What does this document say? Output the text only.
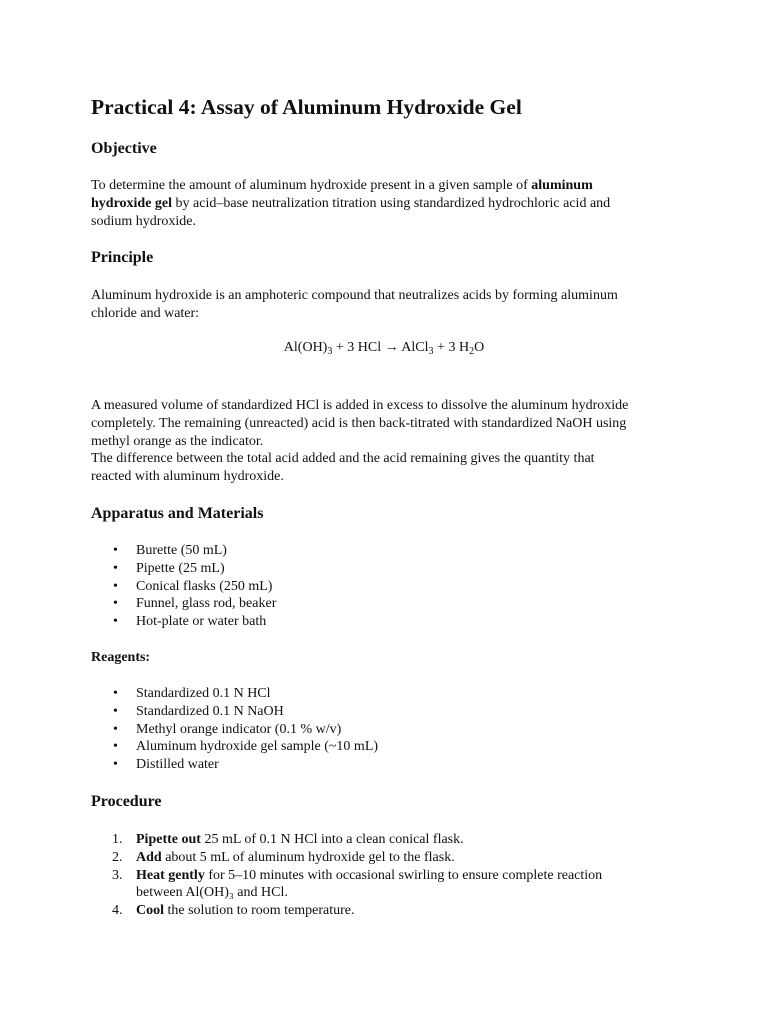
Practical 4: Assay of Aluminum Hydroxide Gel
Objective

To determine the amount of aluminum hydroxide present in a given sample of aluminum
hydroxide gel by acid–base neutralization titration using standardized hydrochloric acid and
sodium hydroxide.

Principle

Aluminum hydroxide is an amphoteric compound that neutralizes acids by forming aluminum
chloride and water:

$Al(OH)_3 + 3$ HCl → AlCl$_3$ + 3 $H_2O$

A measured volume of standardized HCl is added in excess to dissolve the aluminum hydroxide
completely. The remaining (unreacted) acid is then back-titrated with standardized NaOH using
methyl orange as the indicator.
The difference between the total acid added and the acid remaining gives the quantity that
reacted with aluminum hydroxide.

Apparatus and Materials
• Burette (50 mL)
• Pipette (25 mL)
• Conical flasks (250 mL)
• Funnel, glass rod, beaker
• Hot-plate or water bath
Reagents:
• Standardized 0.1 N HCl
• Standardized 0.1 N NaOH
• Methyl orange indicator (0.1 % w/v)
• Aluminum hydroxide gel sample (~10 mL)
• Distilled water
Procedure
1. Pipette out 25 mL of 0.1 N HCl into a clean conical flask.
2. Add about 5 mL of aluminum hydroxide gel to the flask.
3. Heat gently for 5–10 minutes with occasional swirling to ensure complete reaction
between Al(OH)₃ and HCl.
4. Cool the solution to room temperature.
